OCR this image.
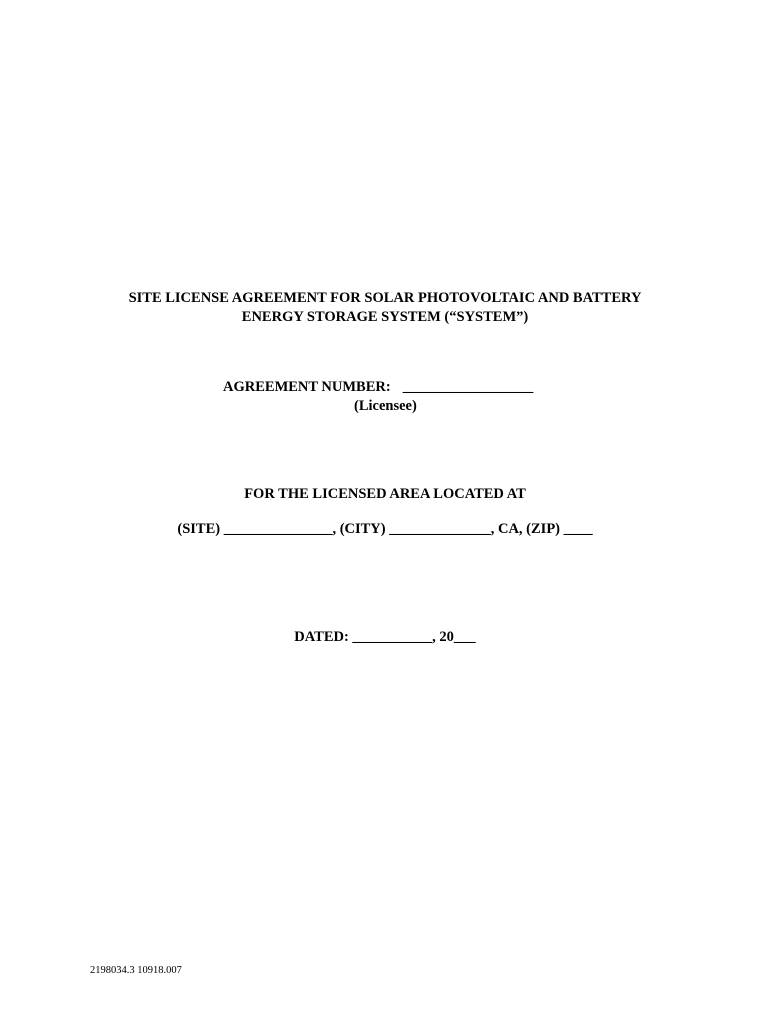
SITE LICENSE AGREEMENT FOR SOLAR PHOTOVOLTAIC AND BATTERY
ENERGY STORAGE SYSTEM (“SYSTEM”)
AGREEMENT NUMBER: __________________
(Licensee)
FOR THE LICENSED AREA LOCATED AT
(SITE) _______________, (CITY) ______________, CA, (ZIP) ____
DATED: ___________, 20___
2198034.3 10918.007
